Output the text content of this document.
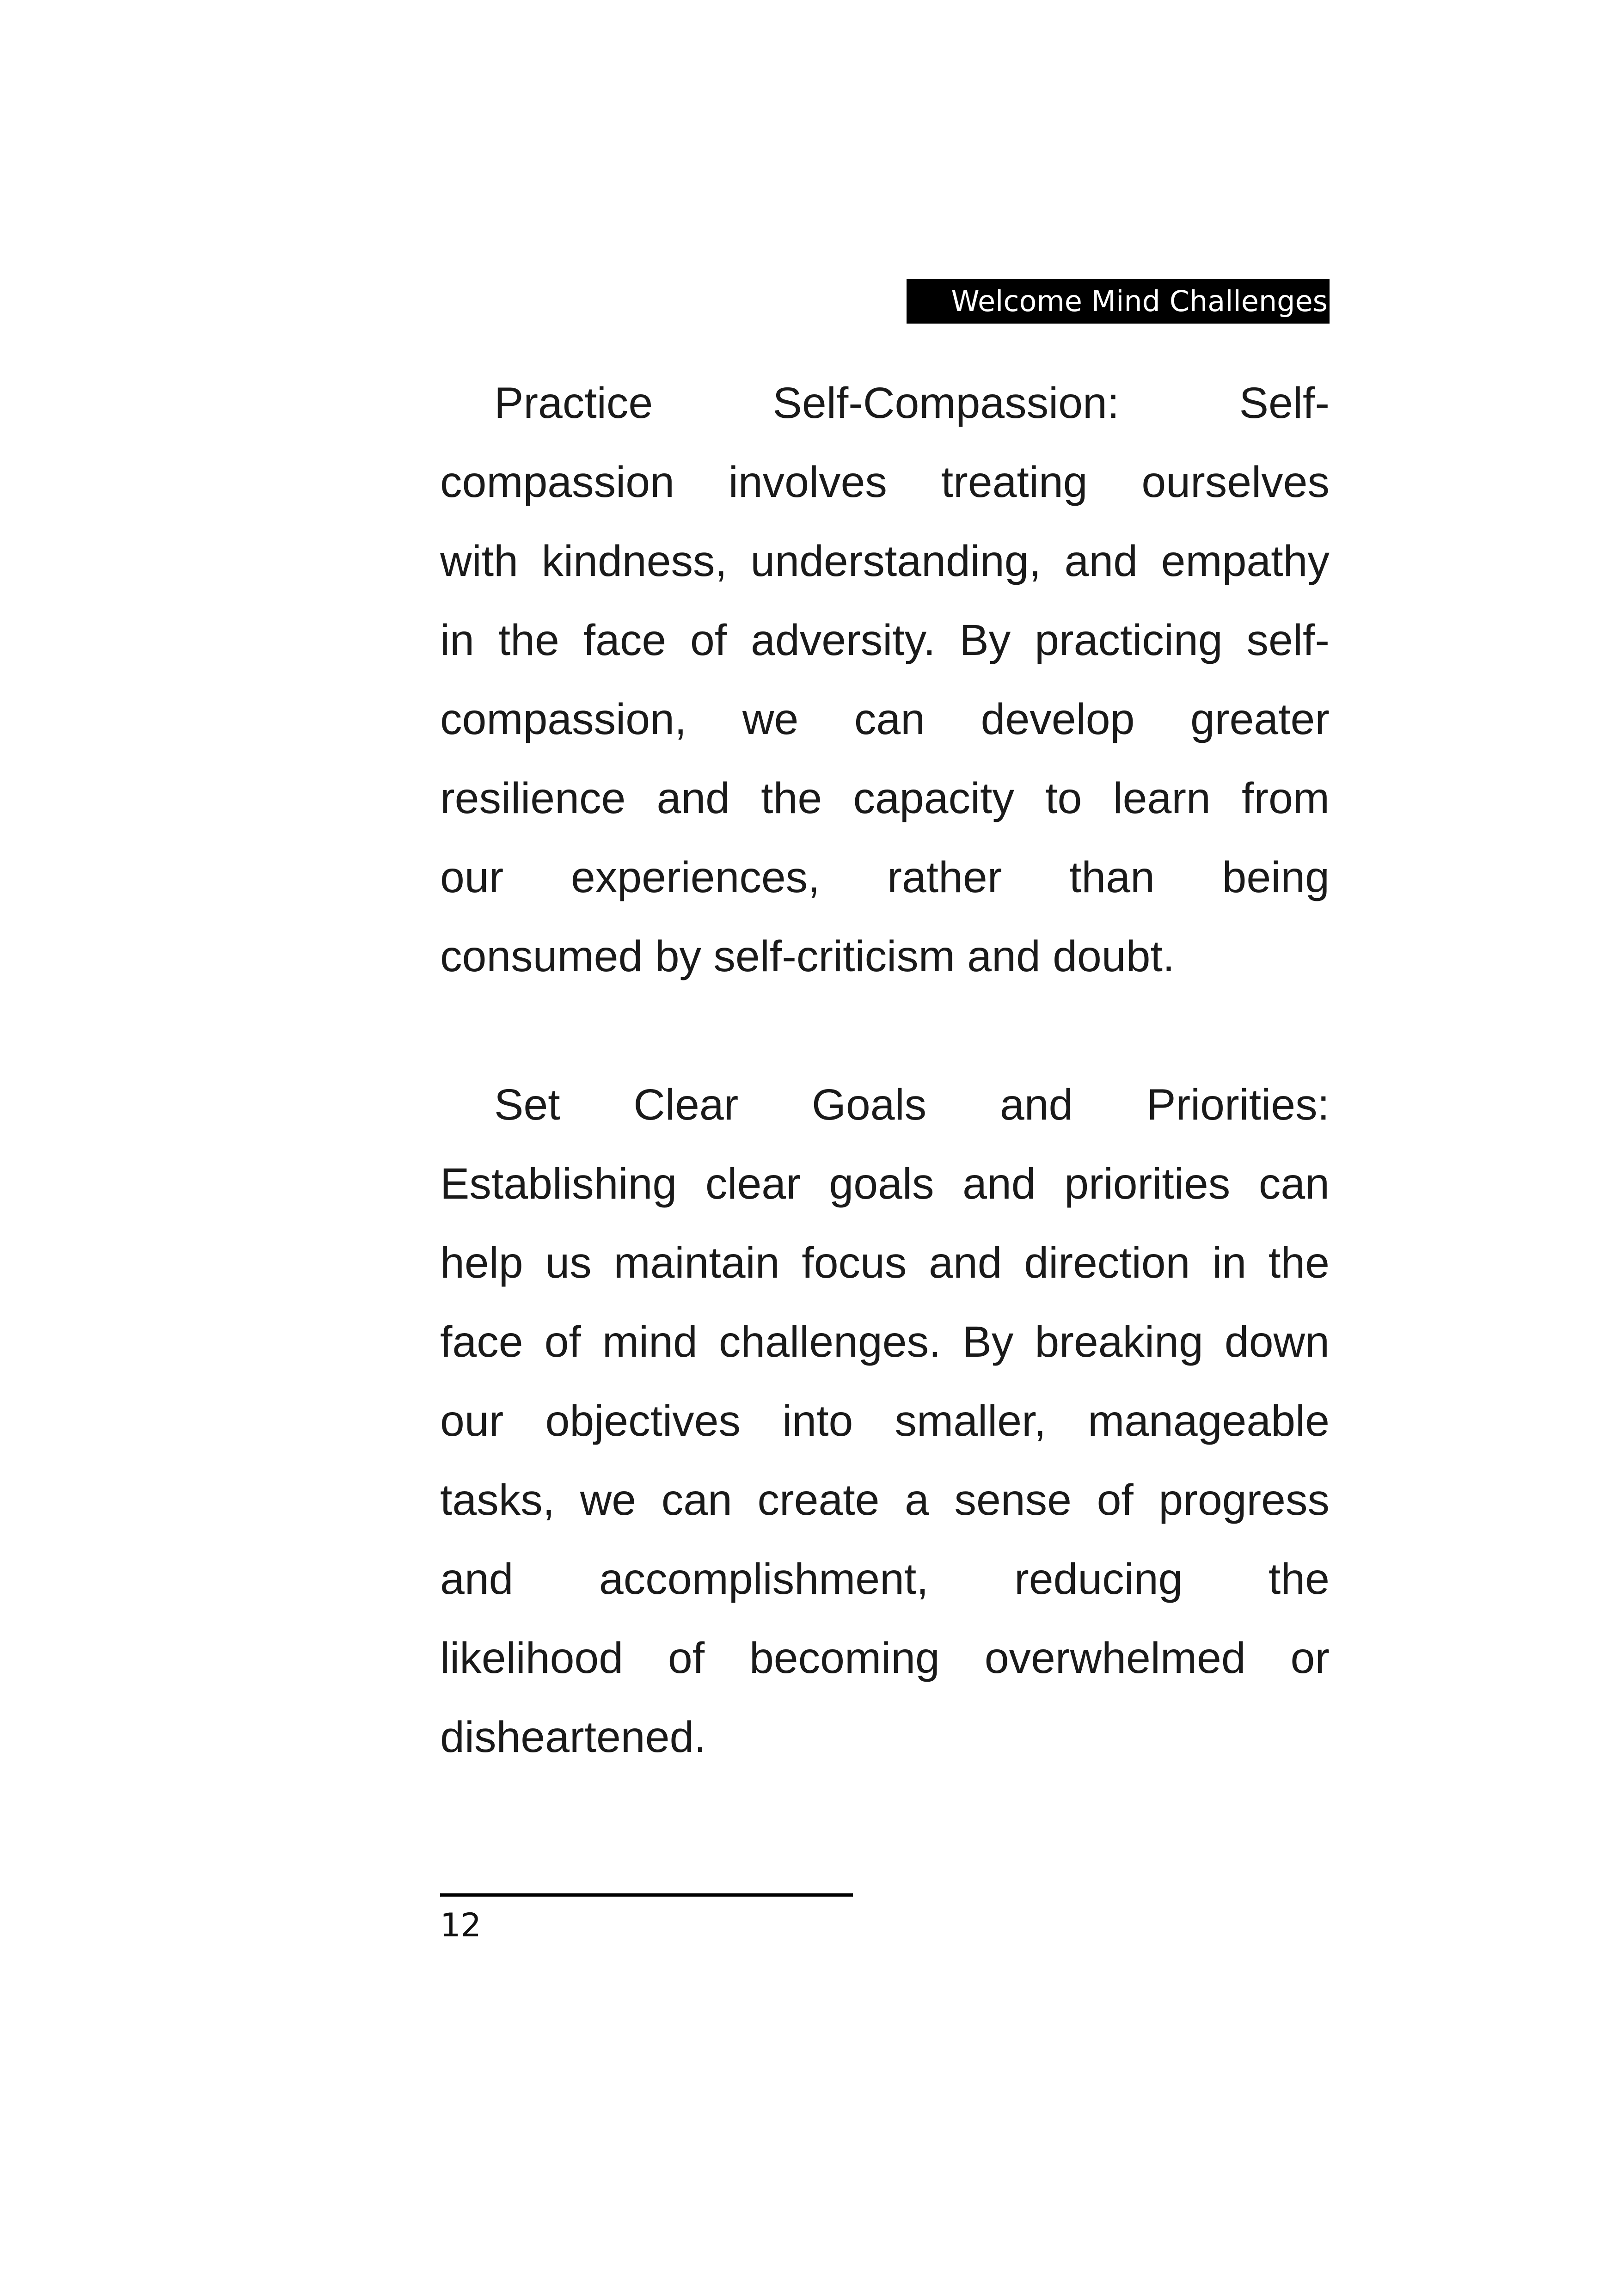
Welcome Mind Challenges
Practice Self-Compassion: Self-
compassion involves treating ourselves
with kindness, understanding, and empathy
in the face of adversity. By practicing self-
compassion, we can develop greater
resilience and the capacity to learn from
our experiences, rather than being
consumed by self-criticism and doubt.
Set Clear Goals and Priorities:
Establishing clear goals and priorities can
help us maintain focus and direction in the
face of mind challenges. By breaking down
our objectives into smaller, manageable
tasks, we can create a sense of progress
and accomplishment, reducing the
likelihood of becoming overwhelmed or
disheartened.
12
